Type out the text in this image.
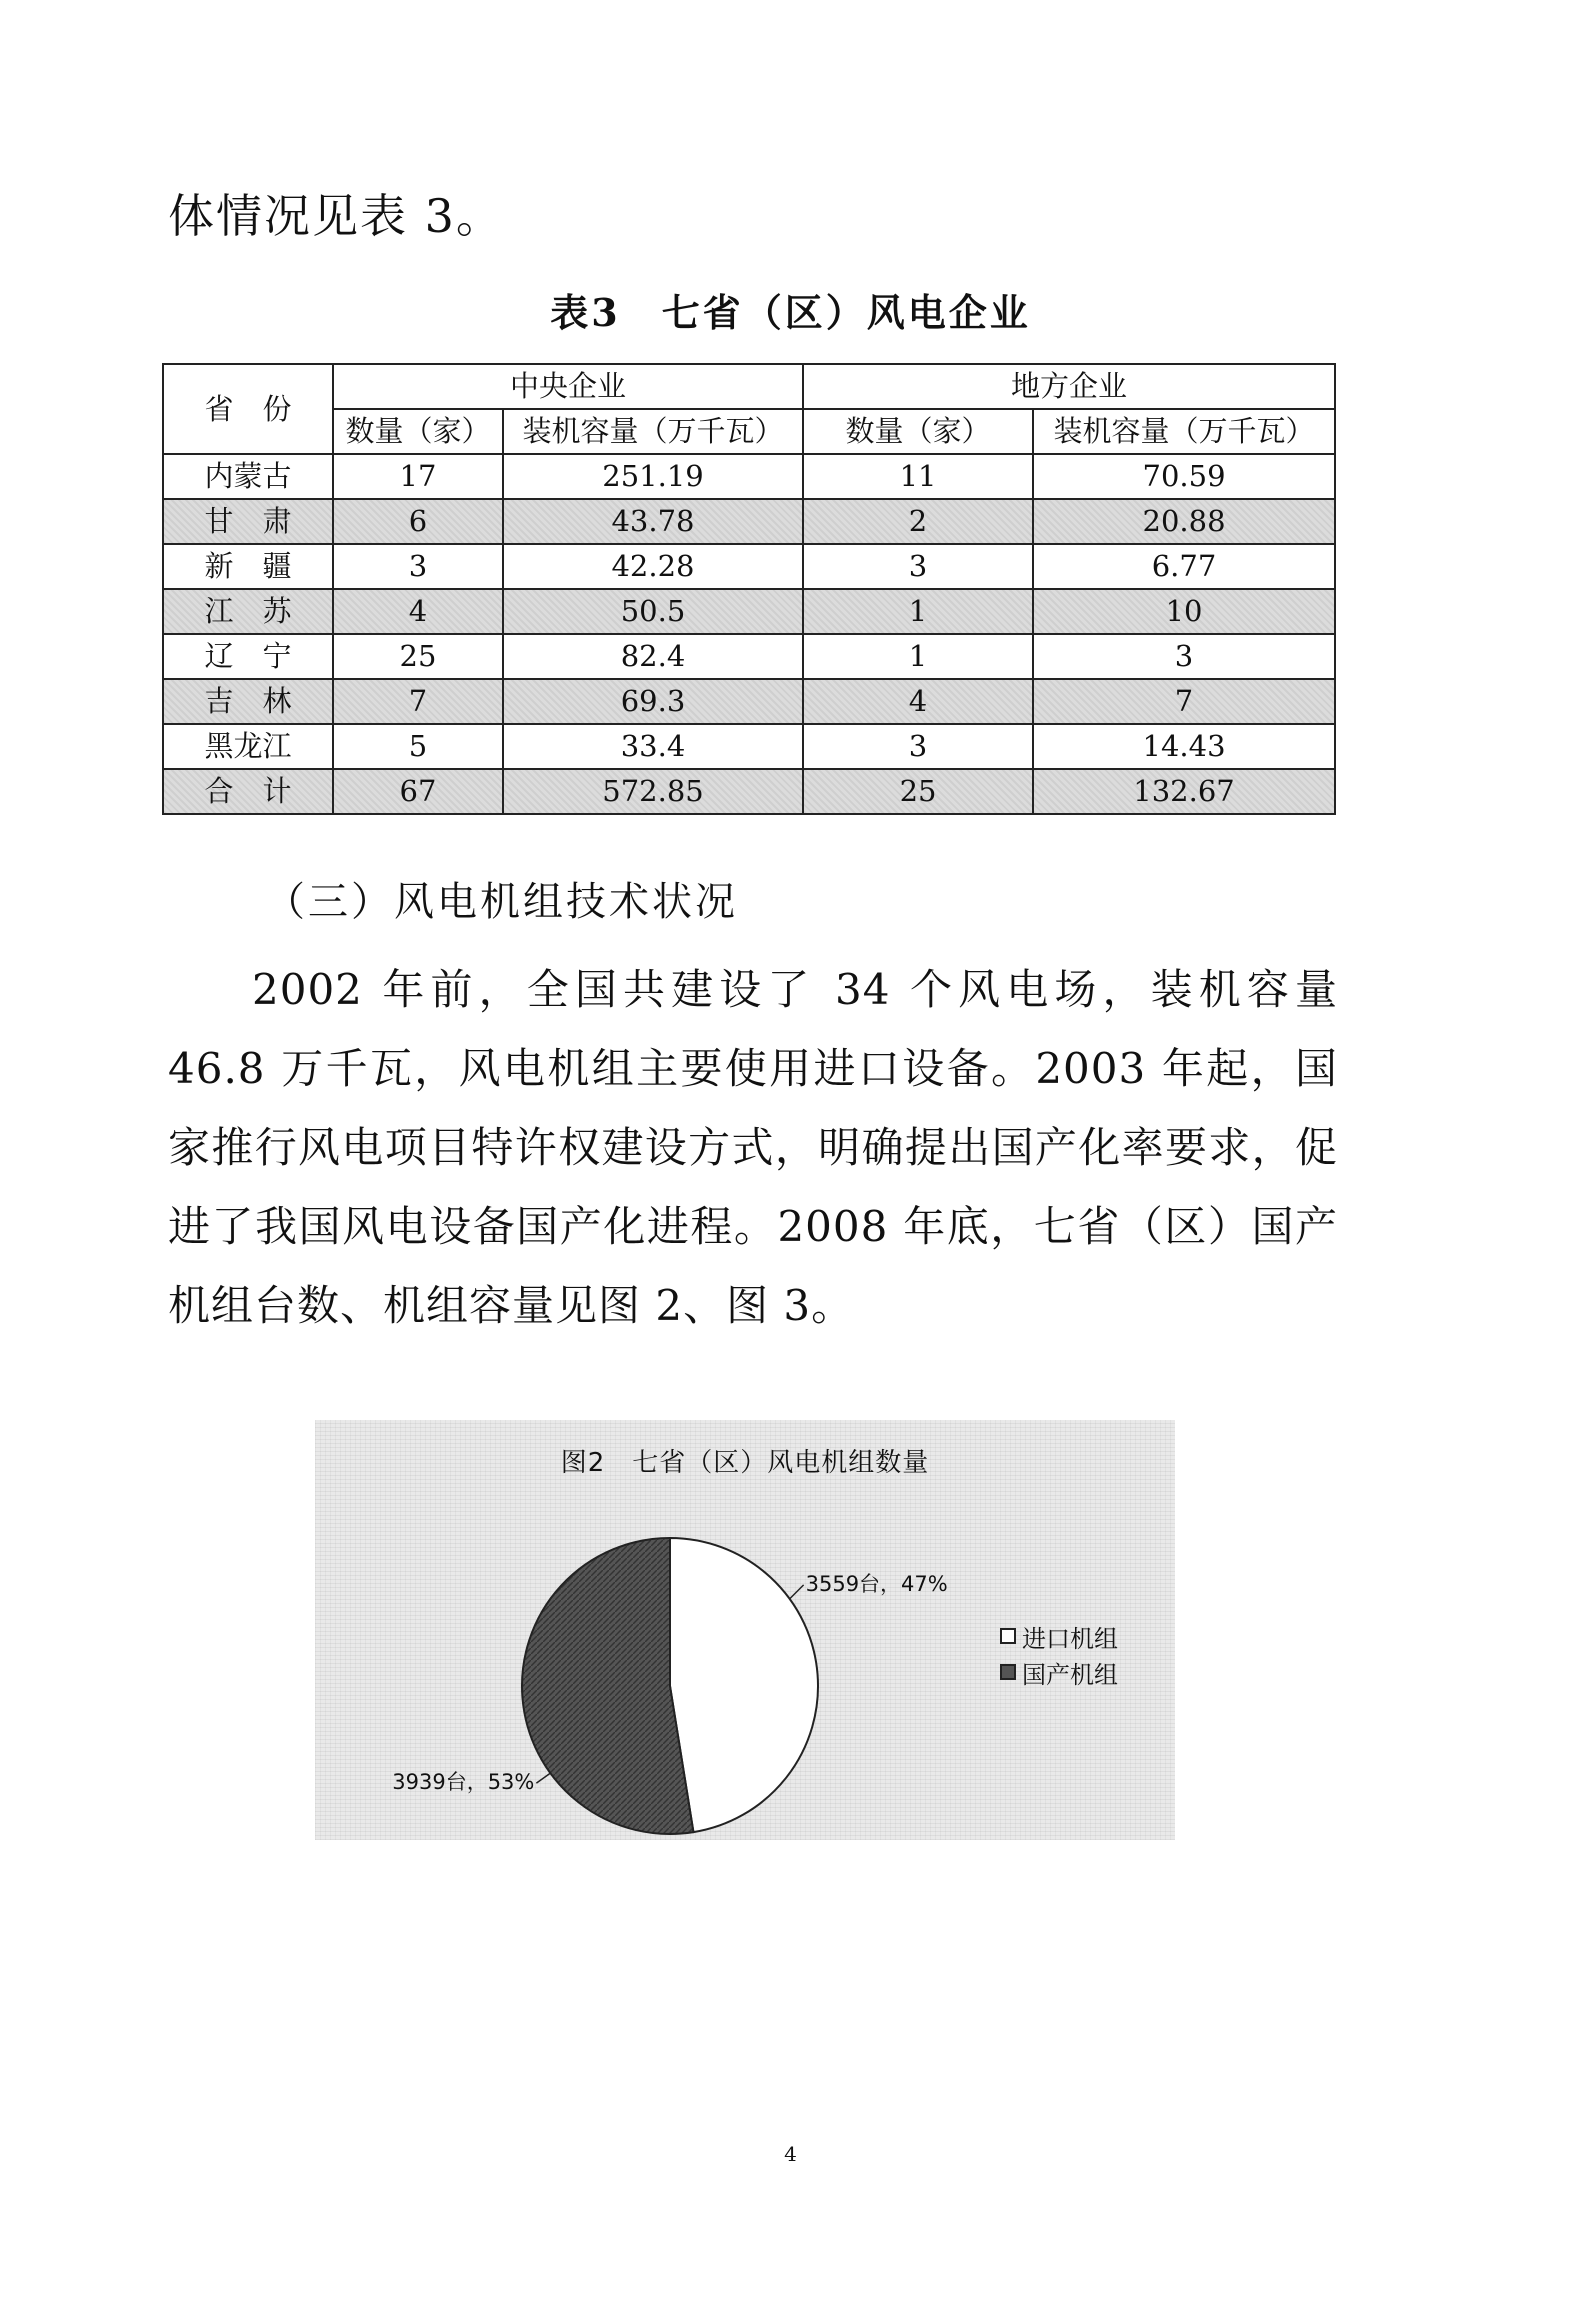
体情况见表 3。
表3　七省（区）风电企业
省　份	中央企业		地方企业	
	数量（家）	装机容量（万千瓦）	数量（家）	装机容量（万千瓦）
内蒙古	17	251.19	11	70.59
甘　肃	6	43.78	2	20.88
新　疆	3	42.28	3	6.77
江　苏	4	50.5	1	10
辽　宁	25	82.4	1	3
吉　林	7	69.3	4	7
黑龙江	5	33.4	3	14.43
合　计	67	572.85	25	132.67
（三）风电机组技术状况
2002 年前，全国共建设了 34 个风电场，装机容量 46.8 万千瓦，风电机组主要使用进口设备。2003 年起，国家推行风电项目特许权建设方式，明确提出国产化率要求，促进了我国风电设备国产化进程。2008 年底，七省（区）国产机组台数、机组容量见图 2、图 3。
图2　七省（区）风电机组数量
3559台，47%
3939台，53%
进口机组
国产机组
4
